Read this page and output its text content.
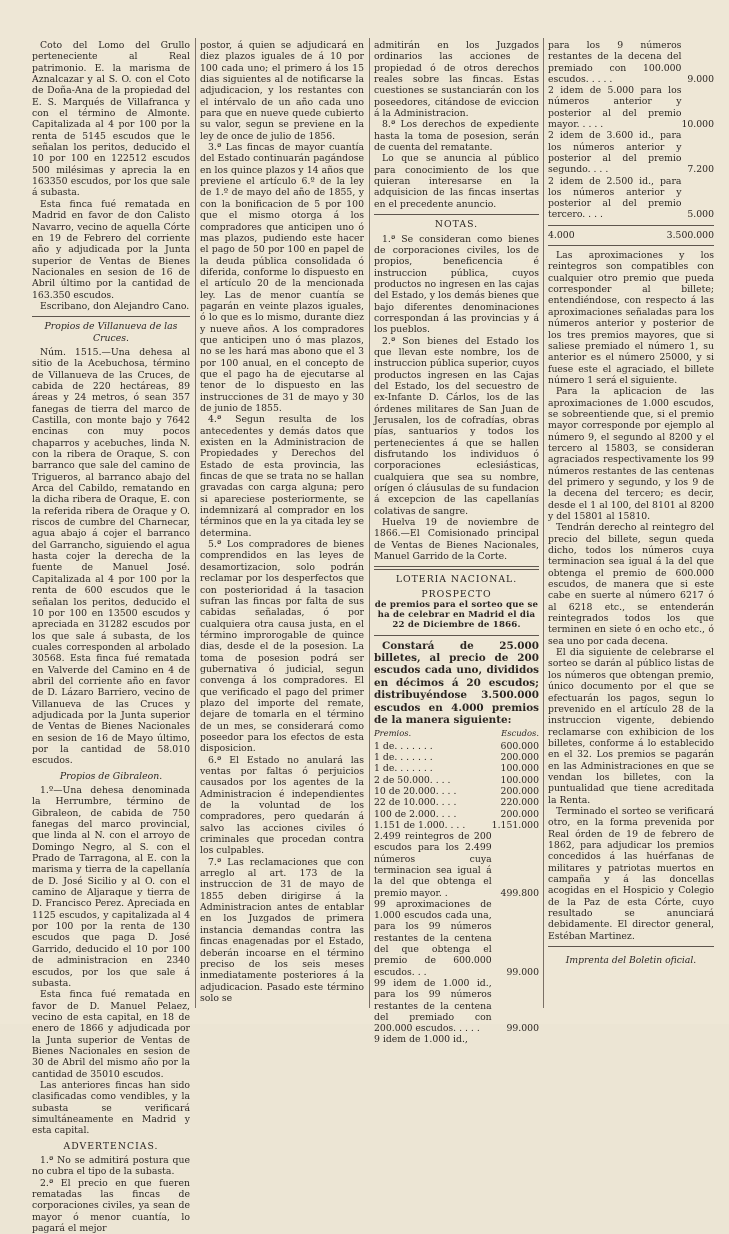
Coto del Lomo del Grullo perteneciente al Real patrimonio. E. la marisma de Aznalcazar y al S. O. con el Coto de Doña-Ana de la propiedad del E. S. Marqués de Villafranca y con el término de Almonte. Capitalizada al 4 por 100 por la renta de 5145 escudos que le señalan los peritos, deducido el 10 por 100 en 122512 escudos 500 milésimas y aprecia la en 163350 escudos, por los que sale á subasta.

Esta finca fué rematada en Madrid en favor de don Calisto Navarro, vecino de aquella Córte en 19 de Febrero del corriente año y adjudicada por la Junta superior de Ventas de Bienes Nacionales en sesion de 16 de Abril último por la cantidad de 163.350 escudos.

Escribano, don Alejandro Cano.

Propios de Villanueva de las Cruces.

Núm. 1515.—Una dehesa al sitio de la Acebuchosa, término de Villanueva de las Cruces, de cabida de 220 hectáreas, 89 áreas y 24 metros, ó sean 357 fanegas de tierra del marco de Castilla, con monte bajo y 7642 encinas con muy pocos chaparros y acebuches, linda N. con la ribera de Oraque, S. con barranco que sale del camino de Trigueros, al barranco abajo del Arca del Cabildo, rematando en la dicha ribera de Oraque, E. con la referida ribera de Oraque y O. riscos de cumbre del Charnecar, agua abajo á cojer el barranco del Garrancho, siguiendo el agua hasta cojer la derecha de la fuente de Manuel José. Capitalizada al 4 por 100 por la renta de 600 escudos que le señalan los peritos, deducido el 10 por 100 en 13500 escudos y apreciada en 31282 escudos por los que sale á subasta, de los cuales corresponden al arbolado 30568. Esta finca fué rematada en Valverde del Camino en 4 de abril del corriente año en favor de D. Lázaro Barriero, vecino de Villanueva de las Cruces y adjudicada por la Junta superior de Ventas de Bienes Nacionales en sesion de 16 de Mayo último, por la cantidad de 58.010 escudos.

Propios de Gibraleon.

1.º—Una dehesa denominada la Herrumbre, término de Gibraleon, de cabida de 750 fanegas del marco provincial, que linda al N. con el arroyo de Domingo Negro, al S. con el Prado de Tarragona, al E. con la marisma y tierra de la capellanía de D. José Sicilio y al O. con el camino de Aljaraque y tierra de D. Francisco Perez. Apreciada en 1125 escudos, y capitalizada al 4 por 100 por la renta de 130 escudos que paga D. José Garrido, deducido el 10 por 100 de administracion en 2340 escudos, por los que sale á subasta.

Esta finca fué rematada en favor de D. Manuel Pelaez, vecino de esta capital, en 18 de enero de 1866 y adjudicada por la Junta superior de Ventas de Bienes Nacionales en sesion de 30 de Abril del mismo año por la cantidad de 35010 escudos.

Las anteriores fincas han sido clasificadas como vendibles, y la subasta se verificará simultáneamente en Madrid y esta capital.

ADVERTENCIAS.

1.ª No se admitirá postura que no cubra el tipo de la subasta.

2.ª El precio en que fueren rematadas las fincas de corporaciones civiles, ya sean de mayor ó menor cuantía, lo pagará el mejor

postor, á quien se adjudicará en diez plazos iguales de á 10 por 100 cada uno; el primero á los 15 dias siguientes al de notificarse la adjudicacion, y los restantes con el intérvalo de un año cada uno para que en nueve quede cubierto su valor, segun se previene en la ley de once de julio de 1856.

3.ª Las fincas de mayor cuantía del Estado continuarán pagándose en los quince plazos y 14 años que previene el artículo 6.º de la ley de 1.º de mayo del año de 1855, y con la bonificacion de 5 por 100 que el mismo otorga á los compradores que anticipen uno ó mas plazos, pudiendo este hacer el pago de 50 por 100 en papel de la deuda pública consolidada ó diferida, conforme lo dispuesto en el artículo 20 de la mencionada ley. Las de menor cuantía se pagarán en veinte plazos iguales, ó lo que es lo mismo, durante diez y nueve años. A los compradores que anticipen uno ó mas plazos, no se les hará mas abono que el 3 por 100 anual, en el concepto de que el pago ha de ejecutarse al tenor de lo dispuesto en las instrucciones de 31 de mayo y 30 de junio de 1855.

4.ª Segun resulta de los antecedentes y demás datos que existen en la Administracion de Propiedades y Derechos del Estado de esta provincia, las fincas de que se trata no se hallan gravadas con carga alguna; pero si apareciese posteriormente, se indemnizará al comprador en los términos que en la ya citada ley se determina.

5.ª Los compradores de bienes comprendidos en las leyes de desamortizacion, solo podrán reclamar por los desperfectos que con posterioridad á la tasacion sufran las fincas por falta de sus cabidas señaladas, ó por cualquiera otra causa justa, en el término improrogable de quince dias, desde el de la posesion. La toma de posesion podrá ser gubernativa ó judicial, segun convenga á los compradores. El que verificado el pago del primer plazo del importe del remate, dejare de tomarla en el término de un mes, se considerará como poseedor para los efectos de esta disposicion.

6.ª El Estado no anulará las ventas por faltas ó perjuicios causados por los agentes de la Administracion é independientes de la voluntad de los compradores, pero quedarán á salvo las acciones civiles ó criminales que procedan contra los culpables.

7.ª Las reclamaciones que con arreglo al art. 173 de la instruccion de 31 de mayo de 1855 deben dirigirse á la Administracion antes de entablar en los Juzgados de primera instancia demandas contra las fincas enagenadas por el Estado, deberán incoarse en el término preciso de los seis meses inmediatamente posteriores á la adjudicacion. Pasado este término solo se

admitirán en los Juzgados ordinarios las acciones de propiedad ó de otros derechos reales sobre las fincas. Estas cuestiones se sustanciarán con los poseedores, citándose de eviccion á la Administracion.

8.ª Los derechos de expediente hasta la toma de posesion, serán de cuenta del rematante.

Lo que se anuncia al público para conocimiento de los que quieran interesarse en la adquisicion de las fincas insertas en el precedente anuncio.

NOTAS.

1.ª Se consideran como bienes de corporaciones civiles, los de propios, beneficencia é instruccion pública, cuyos productos no ingresen en las cajas del Estado, y los demás bienes que bajo diferentes denominaciones correspondan á las provincias y á los pueblos.

2.ª Son bienes del Estado los que llevan este nombre, los de instruccion pública superior, cuyos productos ingresen en las Cajas del Estado, los del secuestro de ex-Infante D. Cárlos, los de las órdenes militares de San Juan de Jerusalen, los de cofradías, obras pías, santuarios y todos los pertenecientes á que se hallen disfrutando los individuos ó corporaciones eclesiásticas, cualquiera que sea su nombre, orígen ó cláusulas de su fundacion á excepcion de las capellanías colativas de sangre.

Huelva 19 de noviembre de 1866.—El Comisionado principal de Ventas de Bienes Nacionales, Manuel Garrido de la Corte.

LOTERIA NACIONAL.

PROSPECTO

de premios para el sorteo que se ha de celebrar en Madrid el dia 22 de Diciembre de 1866.

Constará de 25.000 billetes, al precio de 200 escudos cada uno, divididos en décimos á 20 escudos; distribuyéndose 3.500.000 escudos en 4.000 premios de la manera siguiente:

Premios.	Escudos.
1 de. . . . . . .	600.000
1 de. . . . . . .	200.000
1 de. . . . . . .	100.000
2 de 50.000. . . .	100.000
10 de 20.000. . . .	200.000
22 de 10.000. . . .	220.000
100 de 2.000. . . .	200.000
1.151 de 1.000. . . .	1.151.000
2.499 reintegros de 200 escudos para los 2.499 números cuya terminacion sea igual á la del que obtenga el premio mayor. .	499.800
99 aproximaciones de 1.000 escudos cada una, para los 99 números restantes de la centena del que obtenga el premio de 600.000 escudos. . .	99.000
99 idem de 1.000 id., para los 99 números restantes de la centena del premiado con 200.000 escudos. . . . .	99.000
9 idem de 1.000 id.,	
para los 9 números restantes de la decena del premiado con 100.000 escudos. . . . .	9.000
2 idem de 5.000 para los números anterior y posterior al del premio mayor. . . . .	10.000
2 idem de 3.600 id., para los números anterior y posterior al del premio segundo. . . .	7.200
2 idem de 2.500 id., para los números anterior y posterior al del premio tercero. . . .	5.000
4.000	3.500.000

Las aproximaciones y los reintegros son compatibles con cualquier otro premio que pueda corresponder al billete; entendiéndose, con respecto á las aproximaciones señaladas para los números anterior y posterior de los tres premios mayores, que si saliese premiado el número 1, su anterior es el número 25000, y si fuese este el agraciado, el billete número 1 será el siguiente.

Para la aplicacion de las aproximaciones de 1.000 escudos, se sobreentiende que, si el premio mayor corresponde por ejemplo al número 9, el segundo al 8200 y el tercero al 15803, se consideran agraciados respectivamente los 99 números restantes de las centenas del primero y segundo, y los 9 de la decena del tercero; es decir, desde el 1 al 100, del 8101 al 8200 y del 15801 al 15810.

Tendrán derecho al reintegro del precio del billete, segun queda dicho, todos los números cuya terminacion sea igual á la del que obtenga el premio de 600.000 escudos, de manera que si este cabe en suerte al número 6217 ó al 6218 etc., se entenderán reintegrados todos los que terminen en siete ó en ocho etc., ó sea uno por cada decena.

El dia siguiente de celebrarse el sorteo se darán al público listas de los números que obtengan premio, único documento por el que se efectuarán los pagos, segun lo prevenido en el artículo 28 de la instruccion vigente, debiendo reclamarse con exhibicion de los billetes, conforme á lo establecido en el 32. Los premios se pagarán en las Administraciones en que se vendan los billetes, con la puntualidad que tiene acreditada la Renta.

Terminado el sorteo se verificará otro, en la forma prevenida por Real órden de 19 de febrero de 1862, para adjudicar los premios concedidos á las huérfanas de militares y patriotas muertos en campaña y á las doncellas acogidas en el Hospicio y Colegio de la Paz de esta Córte, cuyo resultado se anunciará debidamente. El director general, Estéban Martinez.

Imprenta del Boletin oficial.
